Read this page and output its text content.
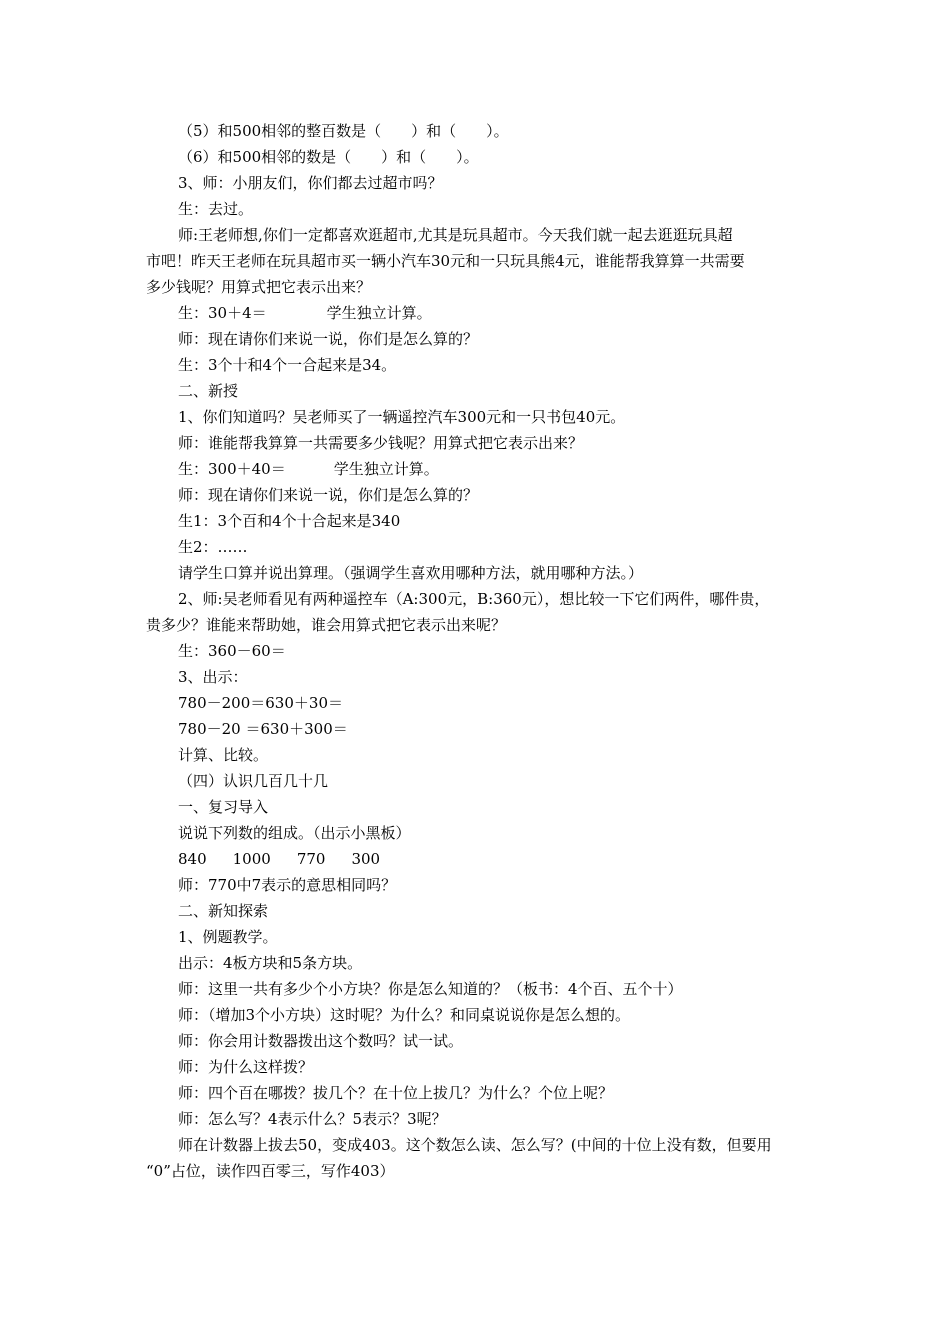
（5）和500相邻的整百数是（　　）和（　　）。

（6）和500相邻的数是（　　）和（　　）。

3、师：小朋友们，你们都去过超市吗？

生：去过。

师:王老师想,你们一定都喜欢逛超市,尤其是玩具超市。今天我们就一起去逛逛玩具超

市吧！昨天王老师在玩具超市买一辆小汽车30元和一只玩具熊4元，谁能帮我算算一共需要

多少钱呢？用算式把它表示出来？

生：30＋4＝	学生独立计算。

师：现在请你们来说一说，你们是怎么算的？

生：3个十和4个一合起来是34。

二、新授

1、你们知道吗？吴老师买了一辆遥控汽车300元和一只书包40元。

师：谁能帮我算算一共需要多少钱呢？用算式把它表示出来？

生：300＋40＝	学生独立计算。

师：现在请你们来说一说，你们是怎么算的？

生1：3个百和4个十合起来是340

生2：……

请学生口算并说出算理。（强调学生喜欢用哪种方法，就用哪种方法。）

2、师:吴老师看见有两种遥控车（A:300元，B:360元），想比较一下它们两件，哪件贵，

贵多少？谁能来帮助她，谁会用算式把它表示出来呢？

生：360－60＝

3、出示：

780－200＝630＋30＝

780－20 ＝630＋300＝

计算、比较。

（四）认识几百几十几

一、复习导入

说说下列数的组成。（出示小黑板）

840 1000 770 300

师：770中7表示的意思相同吗？

二、新知探索

1、例题教学。

出示：4板方块和5条方块。

师：这里一共有多少个小方块？你是怎么知道的？（板书：4个百、五个十）

师：（增加3个小方块）这时呢？为什么？和同桌说说你是怎么想的。

师：你会用计数器拨出这个数吗？试一试。

师：为什么这样拨？

师：四个百在哪拨？拔几个？在十位上拔几？为什么？个位上呢？

师：怎么写？4表示什么？5表示？3呢？

师在计数器上拔去50，变成403。这个数怎么读、怎么写？(中间的十位上没有数，但要用

“0”占位，读作四百零三，写作403）
